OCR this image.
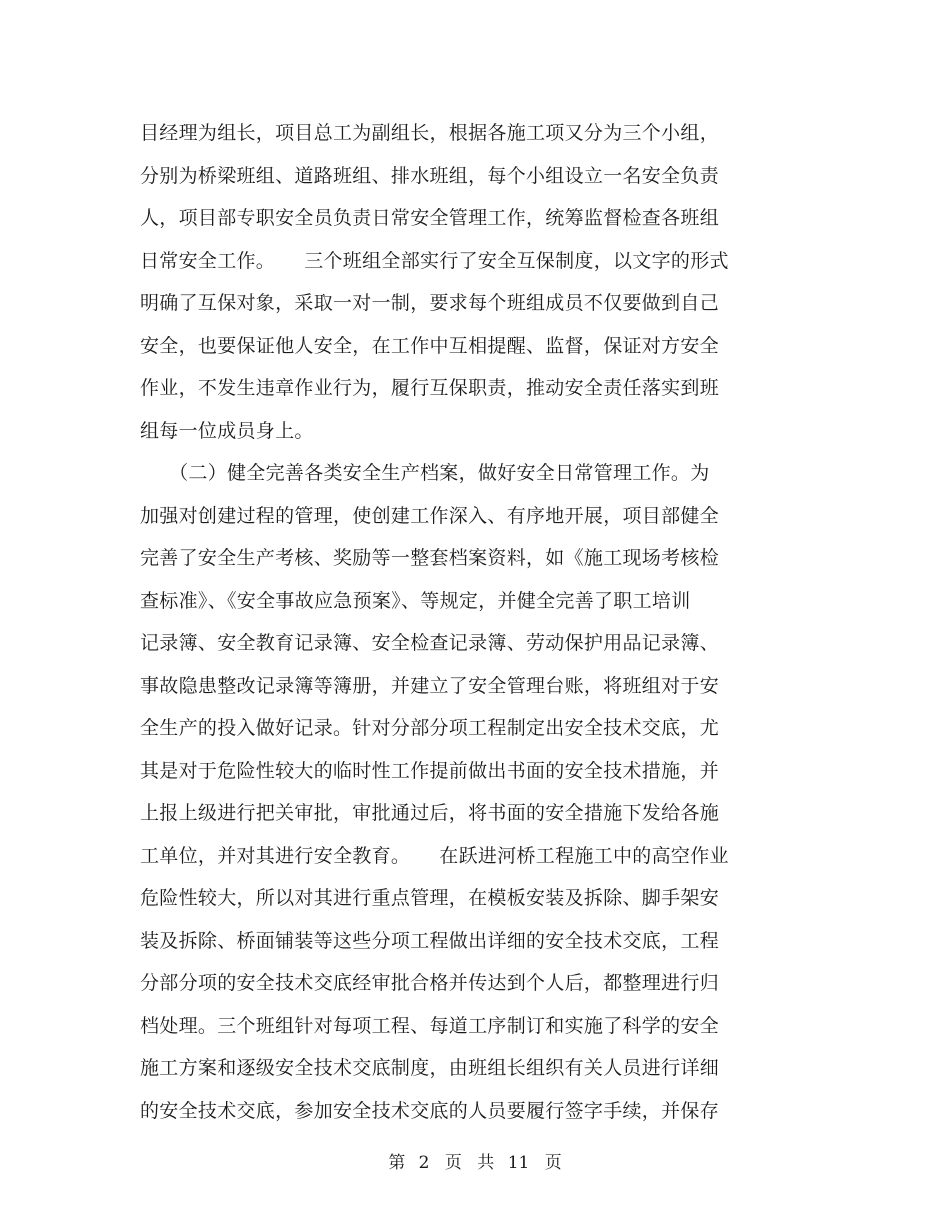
目经理为组长，项目总工为副组长，根据各施工项又分为三个小组，
分别为桥梁班组、道路班组、排水班组，每个小组设立一名安全负责
人，项目部专职安全员负责日常安全管理工作，统筹监督检查各班组
日常安全工作。　　三个班组全部实行了安全互保制度，以文字的形式
明确了互保对象，采取一对一制，要求每个班组成员不仅要做到自己
安全，也要保证他人安全，在工作中互相提醒、监督，保证对方安全
作业，不发生违章作业行为，履行互保职责，推动安全责任落实到班
组每一位成员身上。
　　（二）健全完善各类安全生产档案，做好安全日常管理工作。为
加强对创建过程的管理，使创建工作深入、有序地开展，项目部健全
完善了安全生产考核、奖励等一整套档案资料，如《施工现场考核检
查标准》、《安全事故应急预案》、等规定，并健全完善了职工培训
记录簿、安全教育记录簿、安全检查记录簿、劳动保护用品记录簿、
事故隐患整改记录簿等簿册，并建立了安全管理台账，将班组对于安
全生产的投入做好记录。针对分部分项工程制定出安全技术交底，尤
其是对于危险性较大的临时性工作提前做出书面的安全技术措施，并
上报上级进行把关审批，审批通过后，将书面的安全措施下发给各施
工单位，并对其进行安全教育。　　在跃进河桥工程施工中的高空作业
危险性较大，所以对其进行重点管理，在模板安装及拆除、脚手架安
装及拆除、桥面铺装等这些分项工程做出详细的安全技术交底，工程
分部分项的安全技术交底经审批合格并传达到个人后，都整理进行归
档处理。三个班组针对每项工程、每道工序制订和实施了科学的安全
施工方案和逐级安全技术交底制度，由班组长组织有关人员进行详细
的安全技术交底，参加安全技术交底的人员要履行签字手续，并保存
第 2 页 共 11 页
